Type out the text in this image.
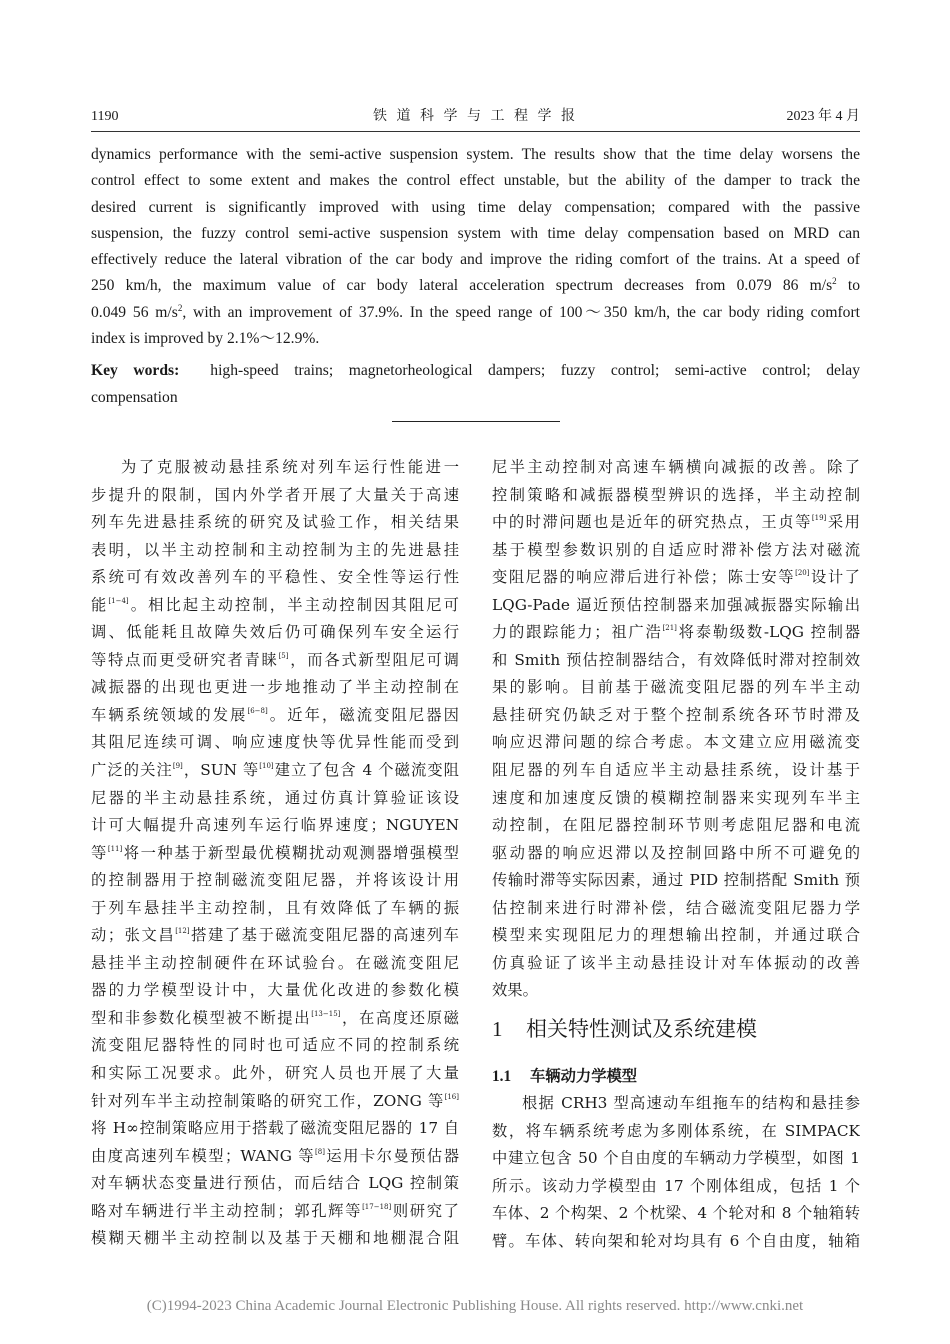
1190	铁 道 科 学 与 工 程 学 报	2023 年 4 月
dynamics performance with the semi-active suspension system. The results show that the time delay worsens the
control effect to some extent and makes the control effect unstable, but the ability of the damper to track the
desired current is significantly improved with using time delay compensation; compared with the passive
suspension, the fuzzy control semi-active suspension system with time delay compensation based on MRD can
effectively reduce the lateral vibration of the car body and improve the riding comfort of the trains. At a speed of
250 km/h, the maximum value of car body lateral acceleration spectrum decreases from 0.079 86 $m/s^2$ to
0.049 56 $m/s^2$, with an improvement of 37.9%. In the speed range of 100～350 km/h, the car body riding comfort
index is improved by 2.1%～12.9%.
Key words: high-speed trains; magnetorheological dampers; fuzzy control; semi-active control; delay
compensation
为了克服被动悬挂系统对列车运行性能进一
步提升的限制，国内外学者开展了大量关于高速
列车先进悬挂系统的研究及试验工作，相关结果
表明，以半主动控制和主动控制为主的先进悬挂
系统可有效改善列车的平稳性、安全性等运行性
能[1−4]。相比起主动控制，半主动控制因其阻尼可
调、低能耗且故障失效后仍可确保列车安全运行
等特点而更受研究者青睐[5]，而各式新型阻尼可调
减振器的出现也更进一步地推动了半主动控制在
车辆系统领域的发展[6−8]。近年，磁流变阻尼器因
其阻尼连续可调、响应速度快等优异性能而受到
广泛的关注[9]，SUN 等[10]建立了包含 4 个磁流变阻
尼器的半主动悬挂系统，通过仿真计算验证该设
计可大幅提升高速列车运行临界速度；NGUYEN
等[11]将一种基于新型最优模糊扰动观测器增强模型
的控制器用于控制磁流变阻尼器，并将该设计用
于列车悬挂半主动控制，且有效降低了车辆的振
动；张文昌[12]搭建了基于磁流变阻尼器的高速列车
悬挂半主动控制硬件在环试验台。在磁流变阻尼
器的力学模型设计中，大量优化改进的参数化模
型和非参数化模型被不断提出[13−15]，在高度还原磁
流变阻尼器特性的同时也可适应不同的控制系统
和实际工况要求。此外，研究人员也开展了大量
针对列车半主动控制策略的研究工作，ZONG 等[16]
将 H∞控制策略应用于搭载了磁流变阻尼器的 17 自
由度高速列车模型；WANG 等[8]运用卡尔曼预估器
对车辆状态变量进行预估，而后结合 LQG 控制策
略对车辆进行半主动控制；郭孔辉等[17−18]则研究了
模糊天棚半主动控制以及基于天棚和地棚混合阻
尼半主动控制对高速车辆横向减振的改善。除了
控制策略和减振器模型辨识的选择，半主动控制
中的时滞问题也是近年的研究热点，王贞等[19]采用
基于模型参数识别的自适应时滞补偿方法对磁流
变阻尼器的响应滞后进行补偿；陈士安等[20]设计了
LQG-Pade 逼近预估控制器来加强减振器实际输出
力的跟踪能力；祖广浩[21]将泰勒级数-LQG 控制器
和 Smith 预估控制器结合，有效降低时滞对控制效
果的影响。目前基于磁流变阻尼器的列车半主动
悬挂研究仍缺乏对于整个控制系统各环节时滞及
响应迟滞问题的综合考虑。本文建立应用磁流变
阻尼器的列车自适应半主动悬挂系统，设计基于
速度和加速度反馈的模糊控制器来实现列车半主
动控制，在阻尼器控制环节则考虑阻尼器和电流
驱动器的响应迟滞以及控制回路中所不可避免的
传输时滞等实际因素，通过 PID 控制搭配 Smith 预
估控制来进行时滞补偿，结合磁流变阻尼器力学
模型来实现阻尼力的理想输出控制，并通过联合
仿真验证了该半主动悬挂设计对车体振动的改善
效果。
1 相关特性测试及系统建模
1.1 车辆动力学模型
根据 CRH3 型高速动车组拖车的结构和悬挂参
数，将车辆系统考虑为多刚体系统，在 SIMPACK
中建立包含 50 个自由度的车辆动力学模型，如图 1
所示。该动力学模型由 17 个刚体组成，包括 1 个
车体、2 个构架、2 个枕梁、4 个轮对和 8 个轴箱转
臂。车体、转向架和轮对均具有 6 个自由度，轴箱
(C)1994-2023 China Academic Journal Electronic Publishing House. All rights reserved. http://www.cnki.net
